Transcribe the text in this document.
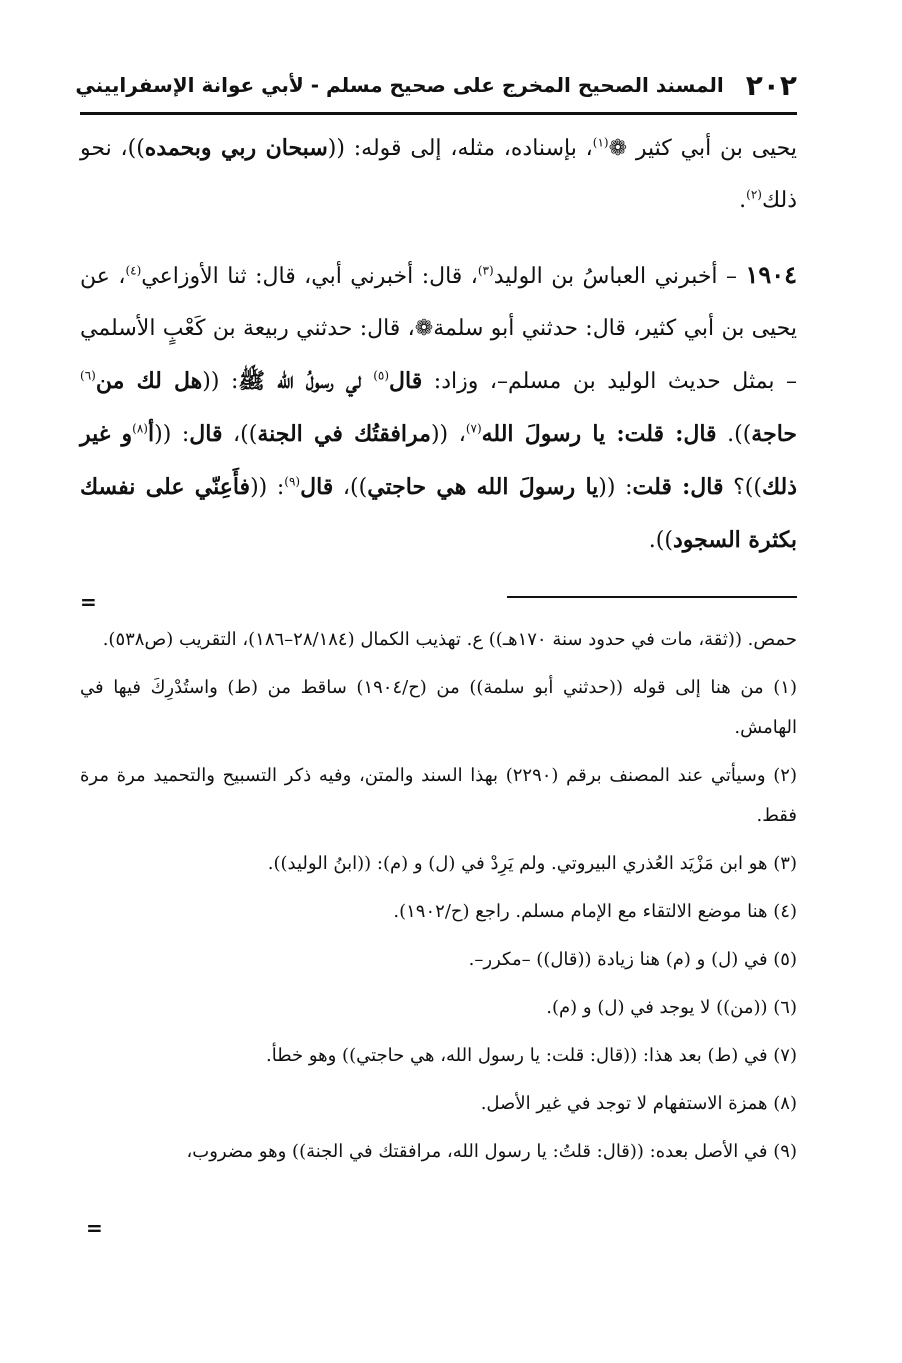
٢٠٢
المسند الصحيح المخرج على صحيح مسلم - لأبي عوانة الإسفراييني

يحيى بن أبي كثير ❁$^{(١)}$، بإسناده، مثله، إلى قوله: ((سبحان ربي وبحمده))، نحو ذلك$^{(٢)}$.

١٩٠٤ – أخبرني العباسُ بن الوليد$^{(٣)}$، قال: أخبرني أبي، قال: ثنا الأوزاعي$^{(٤)}$، عن يحيى بن أبي كثير، قال: حدثني أبو سلمة❁، قال: حدثني ربيعة بن كَعْبٍ الأسلمي – بمثل حديث الوليد بن مسلم–، وزاد: قال$^{(٥)}$ لي رسولُ الله ﷺ: ((هل لك من$^{(٦)}$ حاجة)). قال: قلت: يا رسولَ الله$^{(٧)}$، ((مرافقتُك في الجنة))، قال: ((أ$^{(٨)}$و غير ذلك))؟ قال: قلت: ((يا رسولَ الله هي حاجتي))، قال$^{(٩)}$: ((فأَعِنّي على نفسك بكثرة السجود)).

=

حمص. ((ثقة، مات في حدود سنة ١٧٠هـ)) ع. تهذيب الكمال (٢٨/١٨٤–١٨٦)، التقريب (ص٥٣٨).

(١) من هنا إلى قوله ((حدثني أبو سلمة)) من (ح/١٩٠٤) ساقط من (ط) واستُدْرِكَ فيها في الهامش.

(٢) وسيأتي عند المصنف برقم (٢٢٩٠) بهذا السند والمتن، وفيه ذكر التسبيح والتحميد مرة مرة فقط.

(٣) هو ابن مَزْيَد العُذري البيروتي. ولم يَرِدْ في (ل) و (م): ((ابنُ الوليد)).

(٤) هنا موضع الالتقاء مع الإمام مسلم. راجع (ح/١٩٠٢).

(٥) في (ل) و (م) هنا زيادة ((قال)) –مكرر–.

(٦) ((من)) لا يوجد في (ل) و (م).

(٧) في (ط) بعد هذا: ((قال: قلت: يا رسول الله، هي حاجتي)) وهو خطأ.

(٨) همزة الاستفهام لا توجد في غير الأصل.

(٩) في الأصل بعده: ((قال: قلتُ: يا رسول الله، مرافقتك في الجنة)) وهو مضروب،

=
